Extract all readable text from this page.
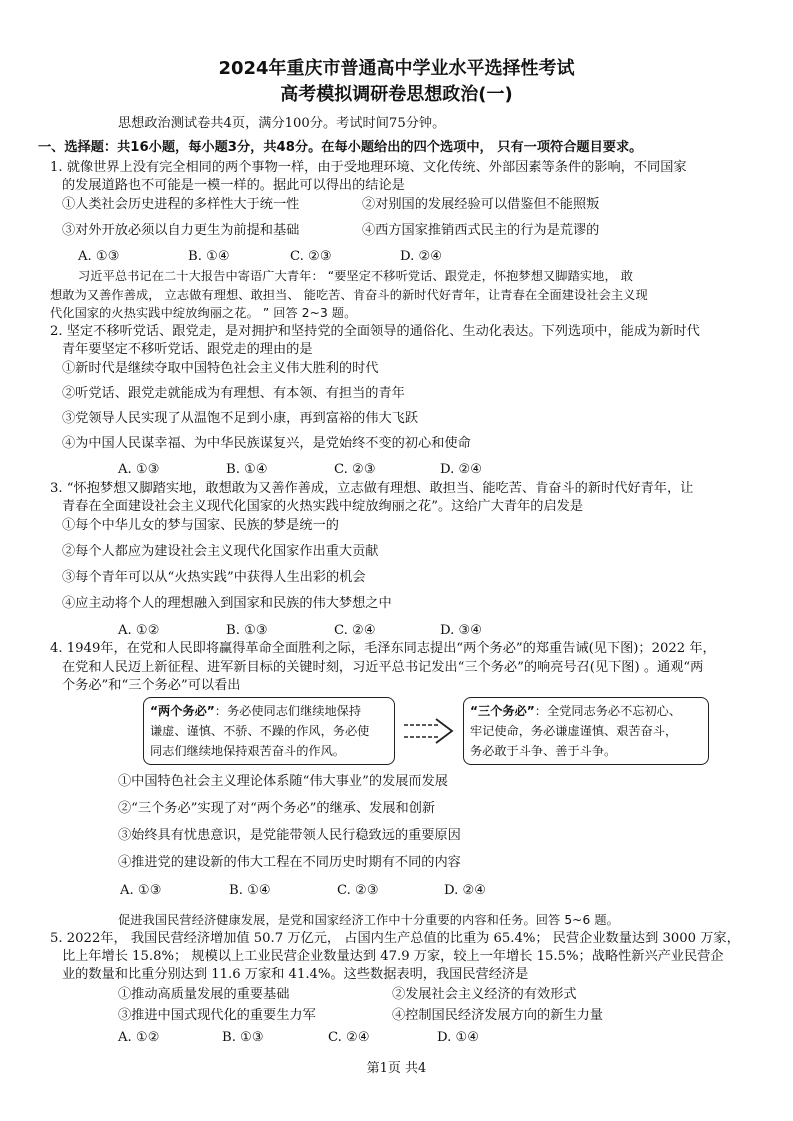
2024年重庆市普通高中学业水平选择性考试
高考模拟调研卷思想政治(一)
思想政治测试卷共4页，满分100分。考试时间75分钟。
一、选择题：共16小题，每小题3分，共48分。在每小题给出的四个选项中， 只有一项符合题目要求。
1. 就像世界上没有完全相同的两个事物一样，由于受地理环境、文化传统、外部因素等条件的影响，不同国家
的发展道路也不可能是一模一样的。据此可以得出的结论是
①人类社会历史进程的多样性大于统一性	②对别国的发展经验可以借鉴但不能照叛
③对外开放必须以自力更生为前提和基础	④西方国家推销西式民主的行为是荒谬的
A. ①③	B. ①④	C. ②③	D. ②④
习近平总书记在二十大报告中寄语广大青年： “要坚定不移听党话、跟党走，怀抱梦想又脚踏实地， 敢
想敢为又善作善成， 立志做有理想、敢担当、 能吃苦、肯奋斗的新时代好青年，让青春在全面建设社会主义现
代化国家的火热实践中绽放绚丽之花。 ” 回答 2~3 题。
2. 坚定不移听党话、跟党走，是对拥护和坚持党的全面领导的通俗化、生动化表达。下列选项中，能成为新时代
青年要坚定不移听党话、跟党走的理由的是
①新时代是继续夺取中国特色社会主义伟大胜利的时代
②听党话、跟党走就能成为有理想、有本领、有担当的青年
③党领导人民实现了从温饱不足到小康，再到富裕的伟大飞跃
④为中国人民谋幸福、为中华民族谋复兴，是党始终不变的初心和使命
A. ①③	B. ①④	C. ②③	D. ②④
3. “怀抱梦想又脚踏实地，敢想敢为又善作善成，立志做有理想、敢担当、能吃苦、肯奋斗的新时代好青年，让
青春在全面建设社会主义现代化国家的火热实践中绽放绚丽之花”。这给广大青年的启发是
①每个中华儿女的梦与国家、民族的梦是统一的
②每个人都应为建设社会主义现代化国家作出重大贡献
③每个青年可以从“火热实践”中获得人生出彩的机会
④应主动将个人的理想融入到国家和民族的伟大梦想之中
A. ①②	B. ①③	C. ②④	D. ③④
4. 1949年，在党和人民即将赢得革命全面胜利之际，毛泽东同志提出“两个务必”的郑重告诫(见下图)；2022 年，
在党和人民迈上新征程、进军新目标的关键时刻，习近平总书记发出“三个务必”的响亮号召(见下图) 。通观“两
个务必”和“三个务必”可以看出
“两个务必”：务必使同志们继续地保持
谦虚、谨慎、不骄、不躁的作风，务必使
同志们继续地保持艰苦奋斗的作风。
“三个务必”：全党同志务必不忘初心、
牢记使命，务必谦虚谨慎、艰苦奋斗，
务必敢于斗争、善于斗争。
①中国特色社会主义理论体系随“伟大事业”的发展而发展
②“三个务必”实现了对“两个务必”的继承、发展和创新
③始终具有忧患意识，是党能带领人民行稳致远的重要原因
④推进党的建设新的伟大工程在不同历史时期有不同的内容
A. ①③	B. ①④	C. ②③	D. ②④
促进我国民营经济健康发展，是党和国家经济工作中十分重要的内容和任务。回答 5~6 题。
5. 2022年， 我国民营经济增加值 50.7 万亿元， 占国内生产总值的比重为 65.4%； 民营企业数量达到 3000 万家，
比上年增长 15.8%； 规模以上工业民营企业数量达到 47.9 万家，较上一年增长 15.5%；战略性新兴产业民营企
业的数量和比重分别达到 11.6 万家和 41.4%。这些数据表明，我国民营经济是
①推动高质量发展的重要基础	②发展社会主义经济的有效形式
③推进中国式现代化的重要生力军	④控制国民经济发展方向的新生力量
A. ①②	B. ①③	C. ②④	D. ①④
第1页 共4
